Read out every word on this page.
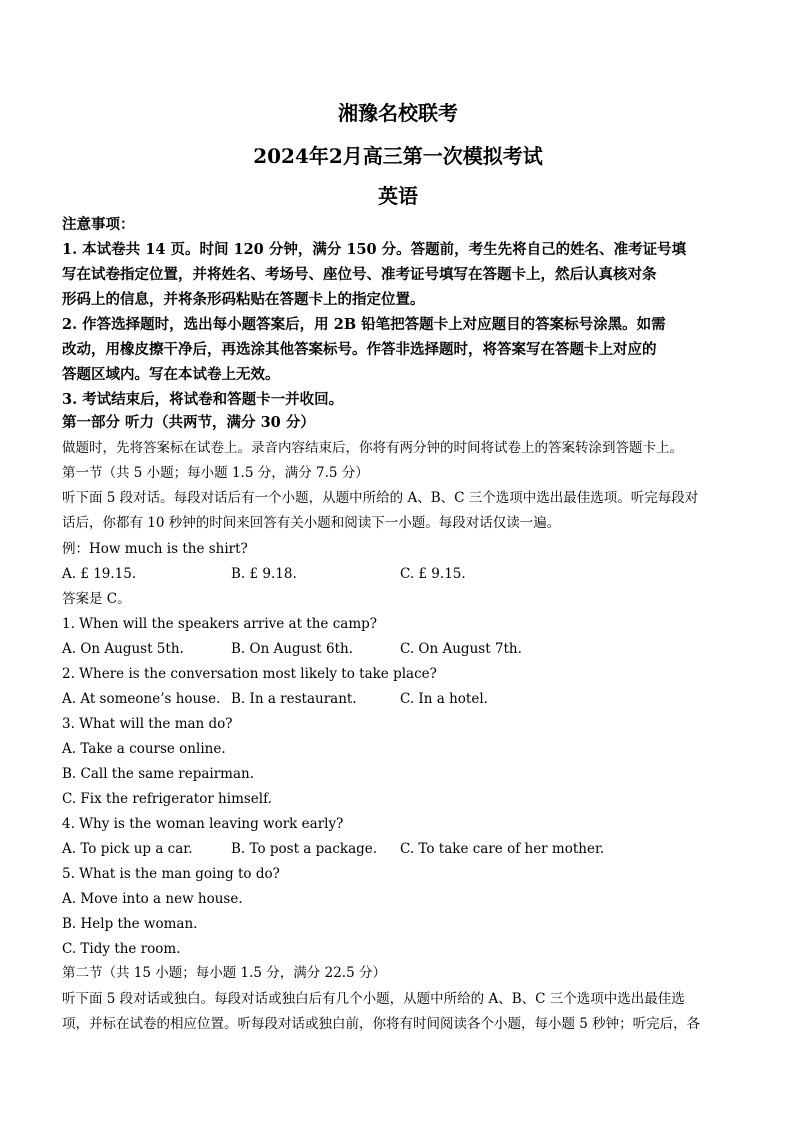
湘豫名校联考
2024年2月高三第一次模拟考试
英语
注意事项：
1. 本试卷共 14 页。时间 120 分钟，满分 150 分。答题前，考生先将自己的姓名、准考证号填
写在试卷指定位置，并将姓名、考场号、座位号、准考证号填写在答题卡上，然后认真核对条
形码上的信息，并将条形码粘贴在答题卡上的指定位置。
2. 作答选择题时，选出每小题答案后，用 2B 铅笔把答题卡上对应题目的答案标号涂黑。如需
改动，用橡皮擦干净后，再选涂其他答案标号。作答非选择题时，将答案写在答题卡上对应的
答题区域内。写在本试卷上无效。
3. 考试结束后，将试卷和答题卡一并收回。
第一部分 听力（共两节，满分 30 分）
做题时，先将答案标在试卷上。录音内容结束后，你将有两分钟的时间将试卷上的答案转涂到答题卡上。
第一节（共 5 小题；每小题 1.5 分，满分 7.5 分）
听下面 5 段对话。每段对话后有一个小题，从题中所给的 A、B、C 三个选项中选出最佳选项。听完每段对
话后，你都有 10 秒钟的时间来回答有关小题和阅读下一小题。每段对话仅读一遍。
例：How much is the shirt?
A. £ 19.15.	B. £ 9.18.	C. £ 9.15.
答案是 C。
1. When will the speakers arrive at the camp?
A. On August 5th.	B. On August 6th.	C. On August 7th.
2. Where is the conversation most likely to take place?
A. At someone’s house. B. In a restaurant.	C. In a hotel.
3. What will the man do?
A. Take a course online.
B. Call the same repairman.
C. Fix the refrigerator himself.
4. Why is the woman leaving work early?
A. To pick up a car.	B. To post a package. C. To take care of her mother.
5. What is the man going to do?
A. Move into a new house.
B. Help the woman.
C. Tidy the room.
第二节（共 15 小题；每小题 1.5 分，满分 22.5 分）
听下面 5 段对话或独白。每段对话或独白后有几个小题，从题中所给的 A、B、C 三个选项中选出最佳选
项，并标在试卷的相应位置。听每段对话或独白前，你将有时间阅读各个小题，每小题 5 秒钟；听完后，各
